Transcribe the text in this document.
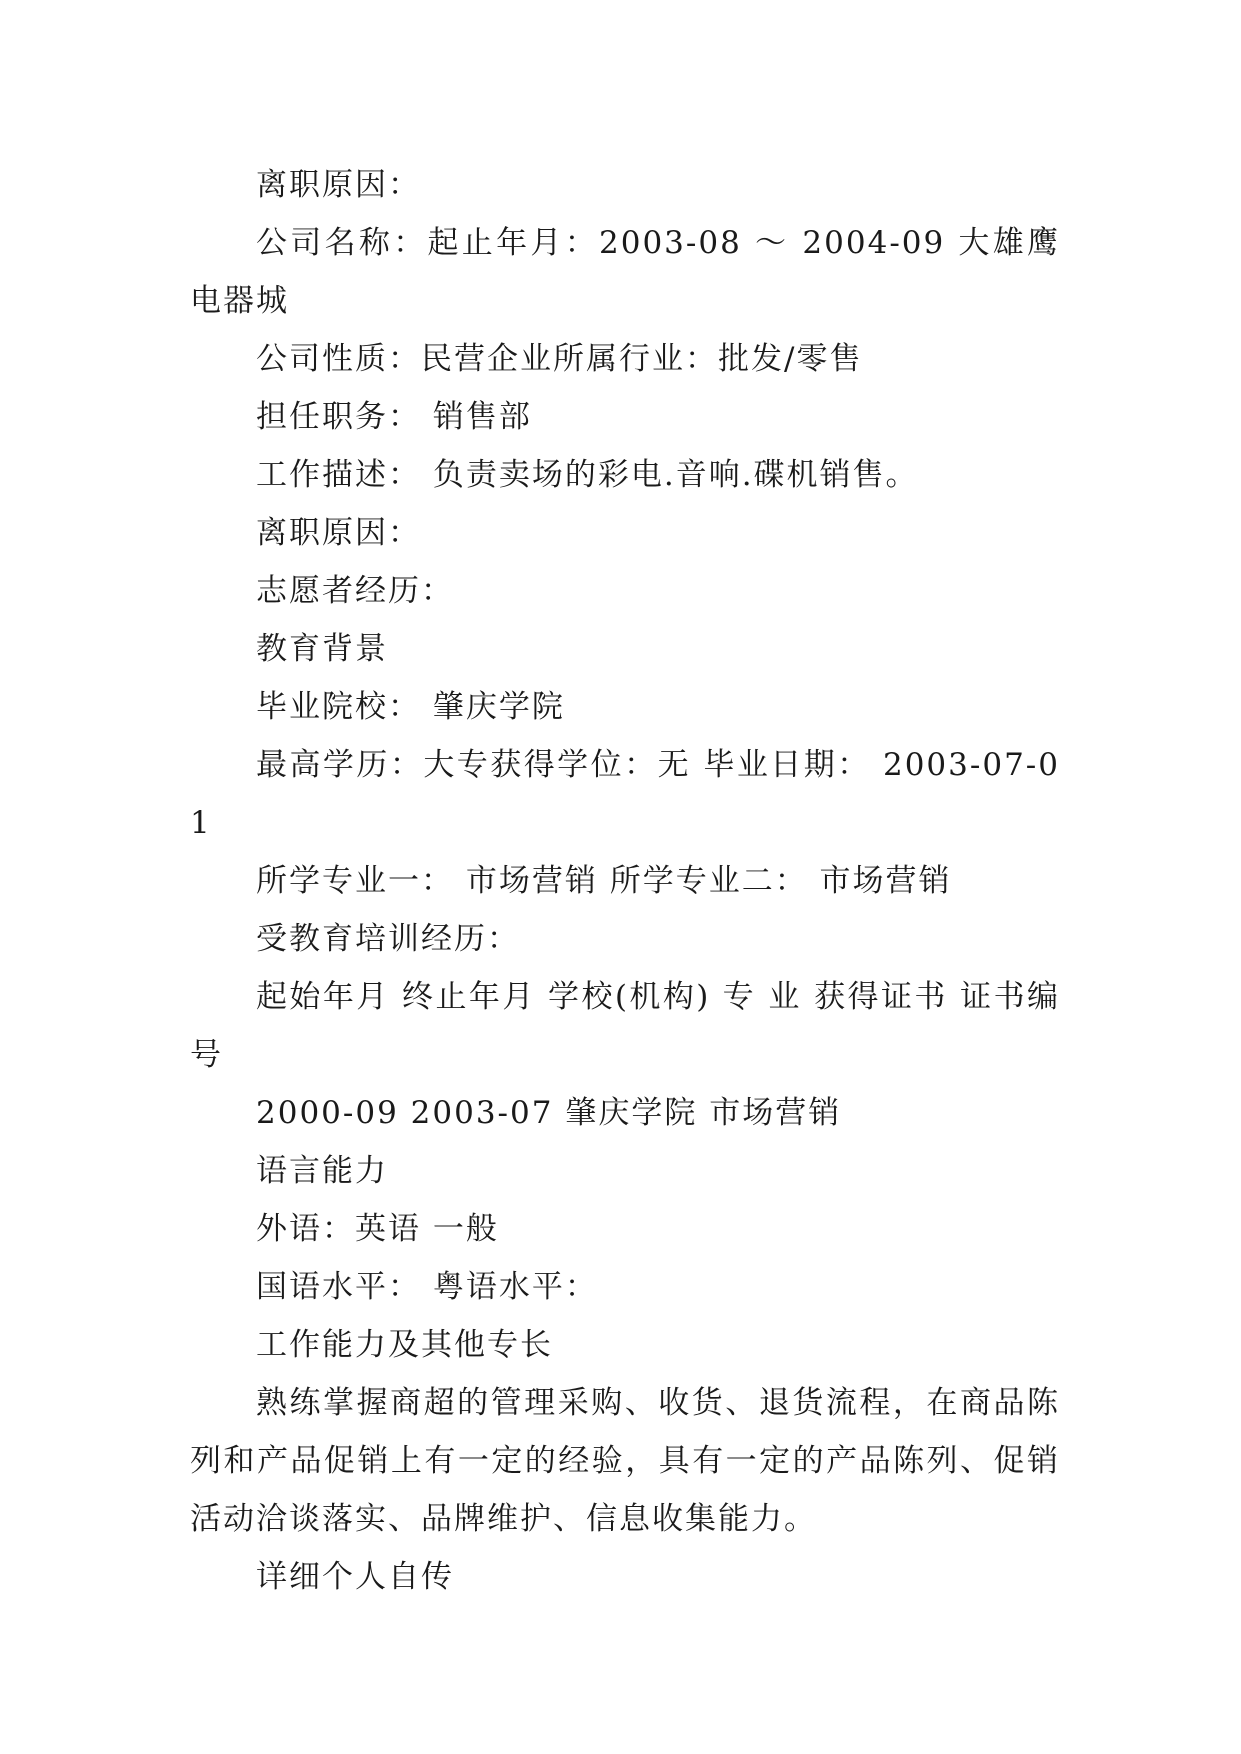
离职原因：

公司名称：起止年月：2003-08 ～ 2004-09 大雄鹰电器城

公司性质：民营企业所属行业：批发/零售

担任职务： 销售部

工作描述： 负责卖场的彩电.音响.碟机销售。

离职原因：

志愿者经历：

教育背景

毕业院校： 肇庆学院

最高学历：大专获得学位：无 毕业日期： 2003-07-01

所学专业一： 市场营销 所学专业二： 市场营销

受教育培训经历：

起始年月 终止年月 学校(机构) 专 业 获得证书 证书编号

2000-09 2003-07 肇庆学院 市场营销

语言能力

外语：英语 一般

国语水平： 粤语水平：

工作能力及其他专长

熟练掌握商超的管理采购、收货、退货流程，在商品陈列和产品促销上有一定的经验，具有一定的产品陈列、促销活动洽谈落实、品牌维护、信息收集能力。

详细个人自传
